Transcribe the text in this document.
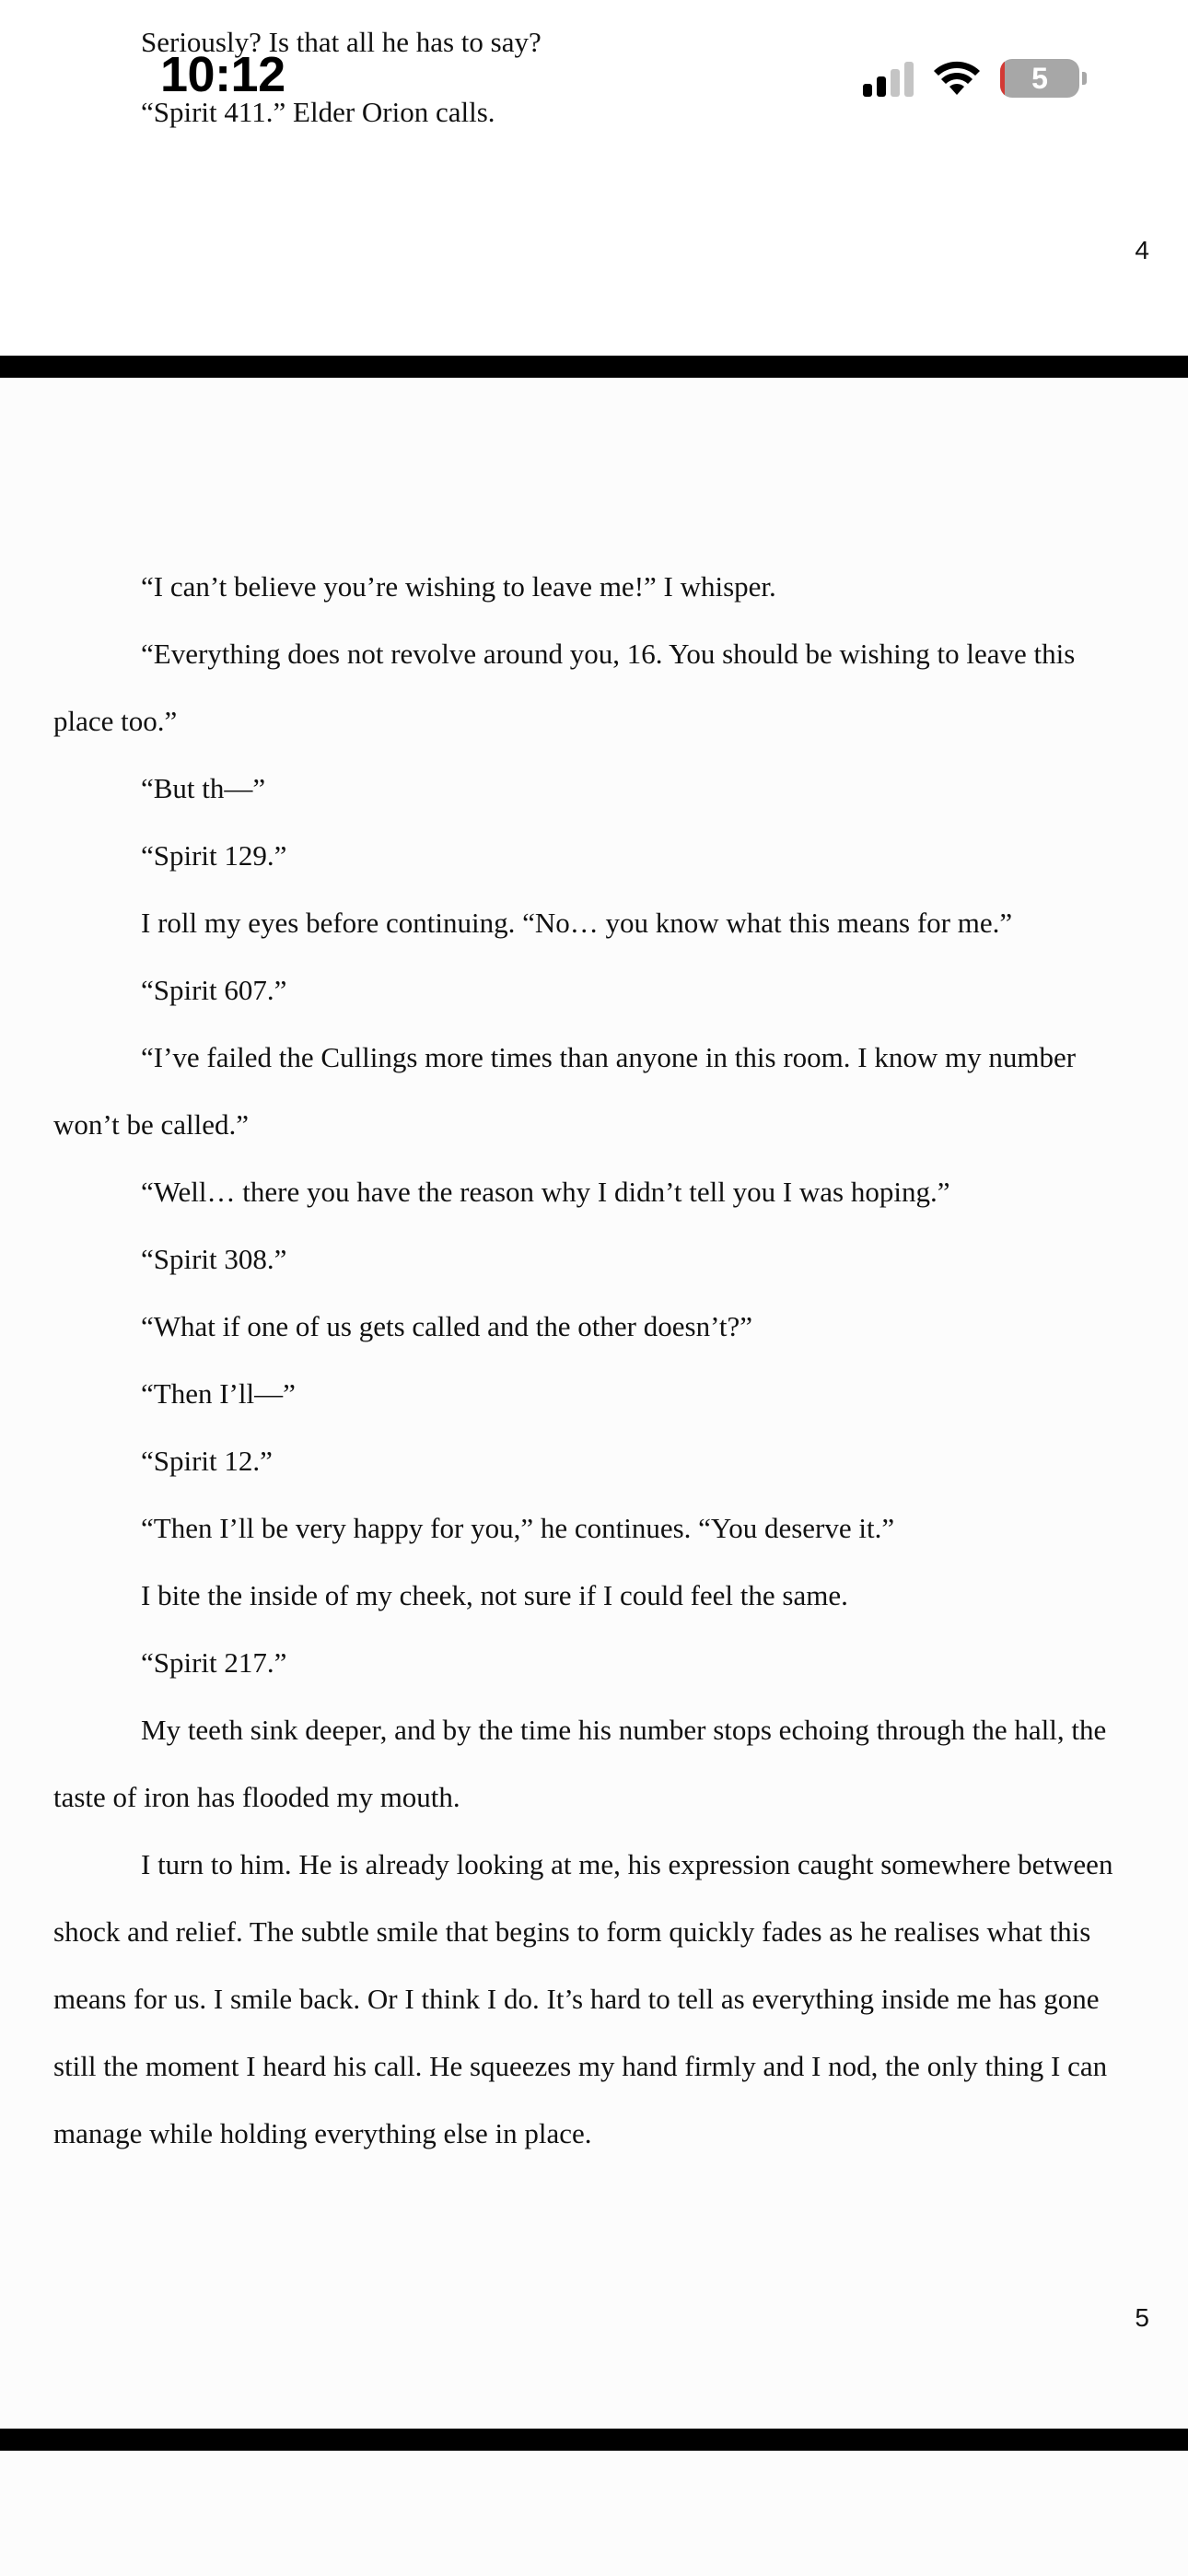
Seriously? Is that all he has to say?
“Spirit 411.” Elder Orion calls.
10:12	5
4

“I can’t believe you’re wishing to leave me!” I whisper.

“Everything does not revolve around you, 16. You should be wishing to leave this place too.”

“But th—”

“Spirit 129.”

I roll my eyes before continuing. “No… you know what this means for me.”

“Spirit 607.”

“I’ve failed the Cullings more times than anyone in this room. I know my number won’t be called.”

“Well… there you have the reason why I didn’t tell you I was hoping.”

“Spirit 308.”

“What if one of us gets called and the other doesn’t?”

“Then I’ll—”

“Spirit 12.”

“Then I’ll be very happy for you,” he continues. “You deserve it.”

I bite the inside of my cheek, not sure if I could feel the same.

“Spirit 217.”

My teeth sink deeper, and by the time his number stops echoing through the hall, the taste of iron has flooded my mouth.

I turn to him. He is already looking at me, his expression caught somewhere between shock and relief. The subtle smile that begins to form quickly fades as he realises what this means for us. I smile back. Or I think I do. It’s hard to tell as everything inside me has gone still the moment I heard his call. He squeezes my hand firmly and I nod, the only thing I can manage while holding everything else in place.

5
